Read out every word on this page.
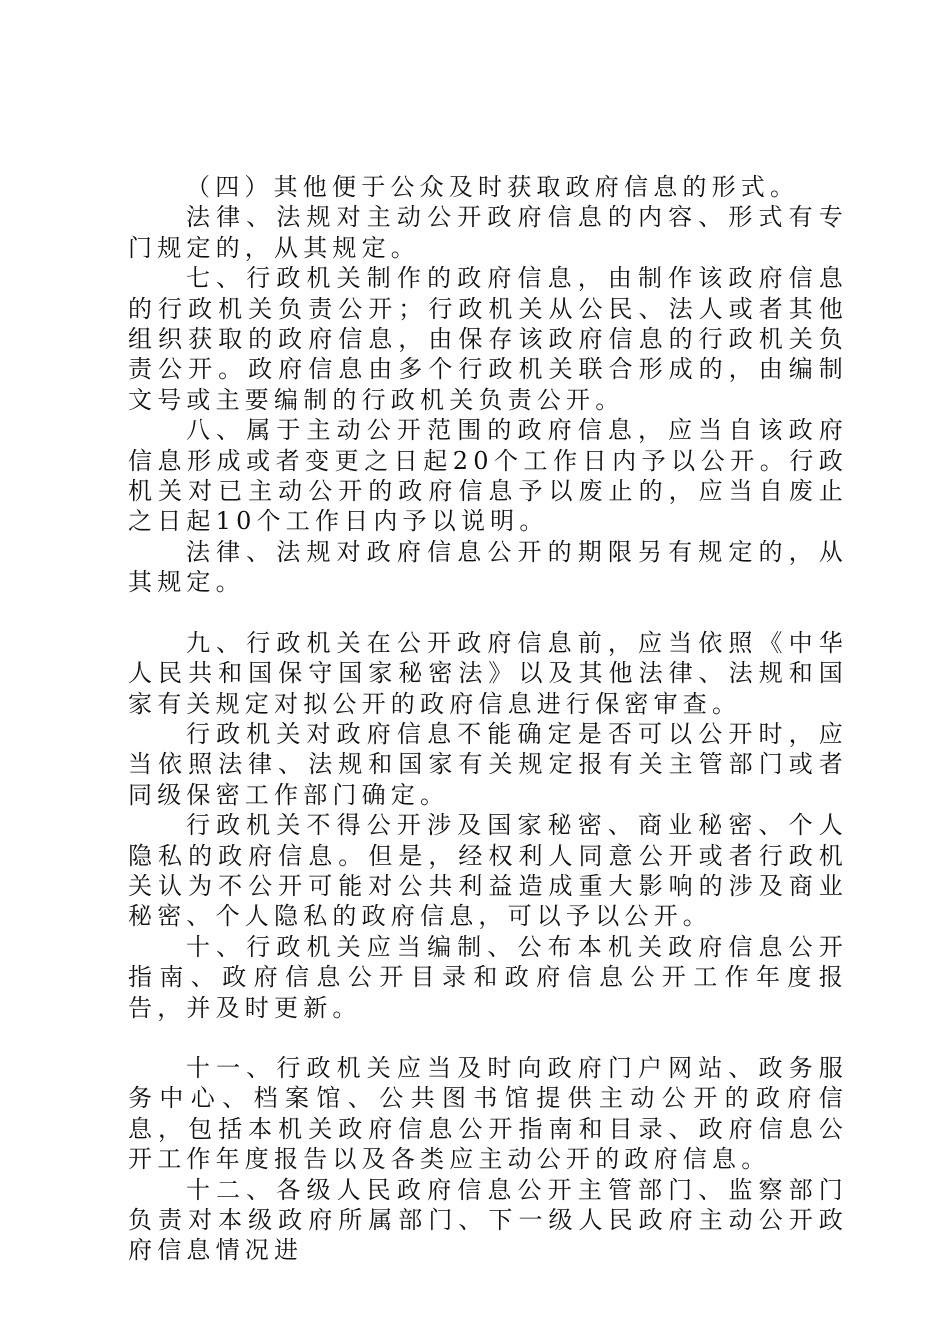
（四）其他便于公众及时获取政府信息的形式。

法律、法规对主动公开政府信息的内容、形式有专门规定的，从其规定。

七、行政机关制作的政府信息，由制作该政府信息的行政机关负责公开；行政机关从公民、法人或者其他组织获取的政府信息，由保存该政府信息的行政机关负责公开。政府信息由多个行政机关联合形成的，由编制文号或主要编制的行政机关负责公开。

八、属于主动公开范围的政府信息，应当自该政府信息形成或者变更之日起20个工作日内予以公开。行政机关对已主动公开的政府信息予以废止的，应当自废止之日起10个工作日内予以说明。

法律、法规对政府信息公开的期限另有规定的，从其规定。

九、行政机关在公开政府信息前，应当依照《中华人民共和国保守国家秘密法》以及其他法律、法规和国家有关规定对拟公开的政府信息进行保密审查。

行政机关对政府信息不能确定是否可以公开时，应当依照法律、法规和国家有关规定报有关主管部门或者同级保密工作部门确定。

行政机关不得公开涉及国家秘密、商业秘密、个人隐私的政府信息。但是，经权利人同意公开或者行政机关认为不公开可能对公共利益造成重大影响的涉及商业秘密、个人隐私的政府信息，可以予以公开。

十、行政机关应当编制、公布本机关政府信息公开指南、政府信息公开目录和政府信息公开工作年度报告，并及时更新。

十一、行政机关应当及时向政府门户网站、政务服务中心、档案馆、公共图书馆提供主动公开的政府信息，包括本机关政府信息公开指南和目录、政府信息公开工作年度报告以及各类应主动公开的政府信息。

十二、各级人民政府信息公开主管部门、监察部门负责对本级政府所属部门、下一级人民政府主动公开政府信息情况进
